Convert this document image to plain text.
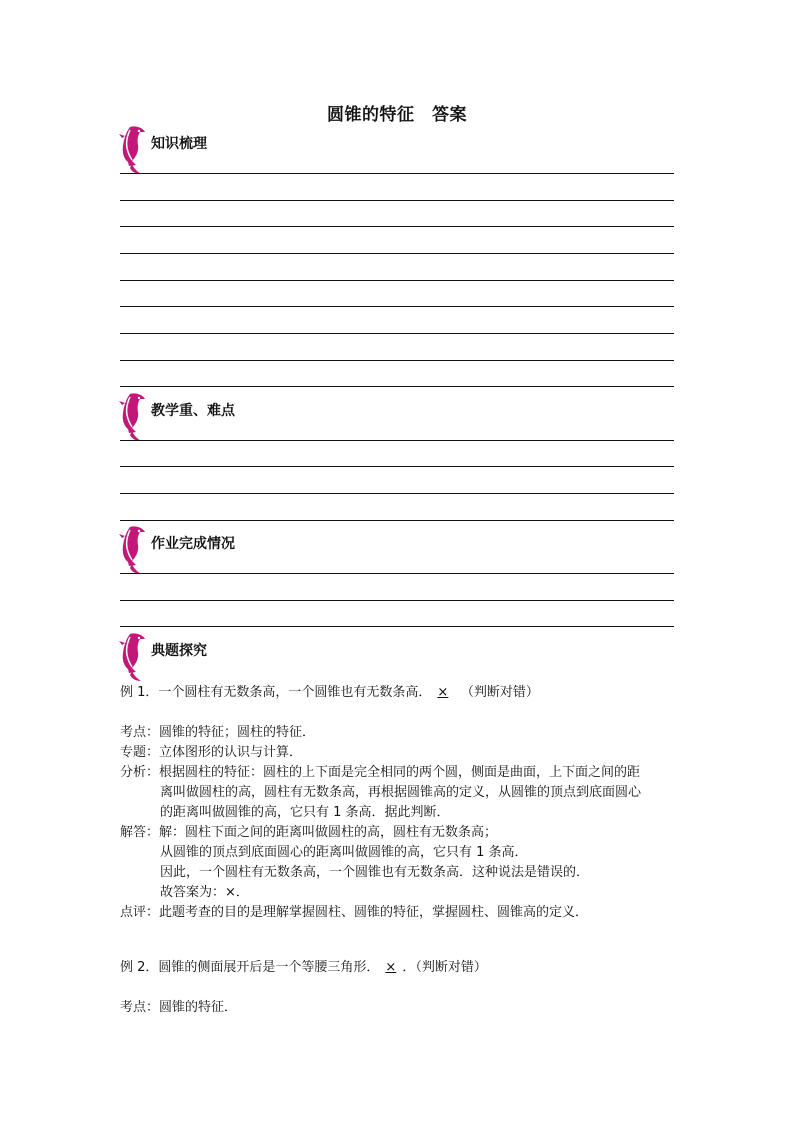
圆锥的特征　答案
知识梳理
教学重、难点
作业完成情况
典题探究
例 1．一个圆柱有无数条高，一个圆锥也有无数条高． ×　 （判断对错）
考点：圆锥的特征；圆柱的特征．
专题：立体图形的认识与计算．
分析：根据圆柱的特征：圆柱的上下面是完全相同的两个圆，侧面是曲面，上下面之间的距
离叫做圆柱的高，圆柱有无数条高，再根据圆锥高的定义，从圆锥的顶点到底面圆心
的距离叫做圆锥的高，它只有 1 条高．据此判断．
解答：解：圆柱下面之间的距离叫做圆柱的高，圆柱有无数条高；
从圆锥的顶点到底面圆心的距离叫做圆锥的高，它只有 1 条高．
因此，一个圆柱有无数条高，一个圆锥也有无数条高．这种说法是错误的．
故答案为：×．
点评：此题考查的目的是理解掌握圆柱、圆锥的特征，掌握圆柱、圆锥高的定义．
例 2．圆锥的侧面展开后是一个等腰三角形． × ．（判断对错）
考点：圆锥的特征．
